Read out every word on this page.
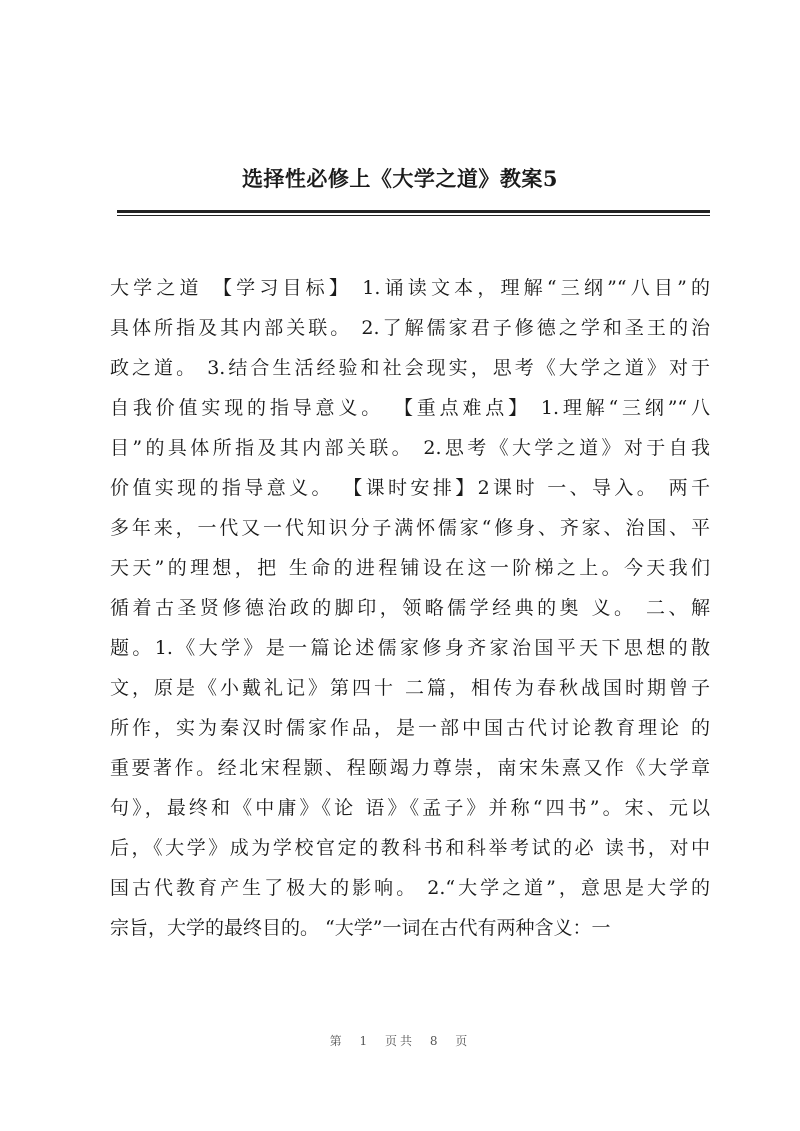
选择性必修上《大学之道》教案5
大学之道 【学习目标】 1.诵读文本，理解“三纲”“八目”的
具体所指及其内部关联。 2.了解儒家君子修德之学和圣王的治
政之道。 3.结合生活经验和社会现实，思考《大学之道》对于
自我价值实现的指导意义。 【重点难点】 1.理解“三纲”“八
目”的具体所指及其内部关联。 2.思考《大学之道》对于自我
价值实现的指导意义。 【课时安排】2课时 一、导入。 两千
多年来，一代又一代知识分子满怀儒家“修身、齐家、治国、平
天天”的理想，把 生命的进程铺设在这一阶梯之上。今天我们
循着古圣贤修德治政的脚印，领略儒学经典的奥 义。 二、解
题。1.《大学》是一篇论述儒家修身齐家治国平天下思想的散
文，原是《小戴礼记》第四十 二篇，相传为春秋战国时期曾子
所作，实为秦汉时儒家作品，是一部中国古代讨论教育理论 的
重要著作。经北宋程颢、程颐竭力尊崇，南宋朱熹又作《大学章
句》，最终和《中庸》《论 语》《孟子》并称“四书”。宋、元以
后，《大学》成为学校官定的教科书和科举考试的必 读书，对中
国古代教育产生了极大的影响。 2.“大学之道”，意思是大学的
宗旨，大学的最终目的。 “大学”一词在古代有两种含义：一
第 1 页共 8 页
